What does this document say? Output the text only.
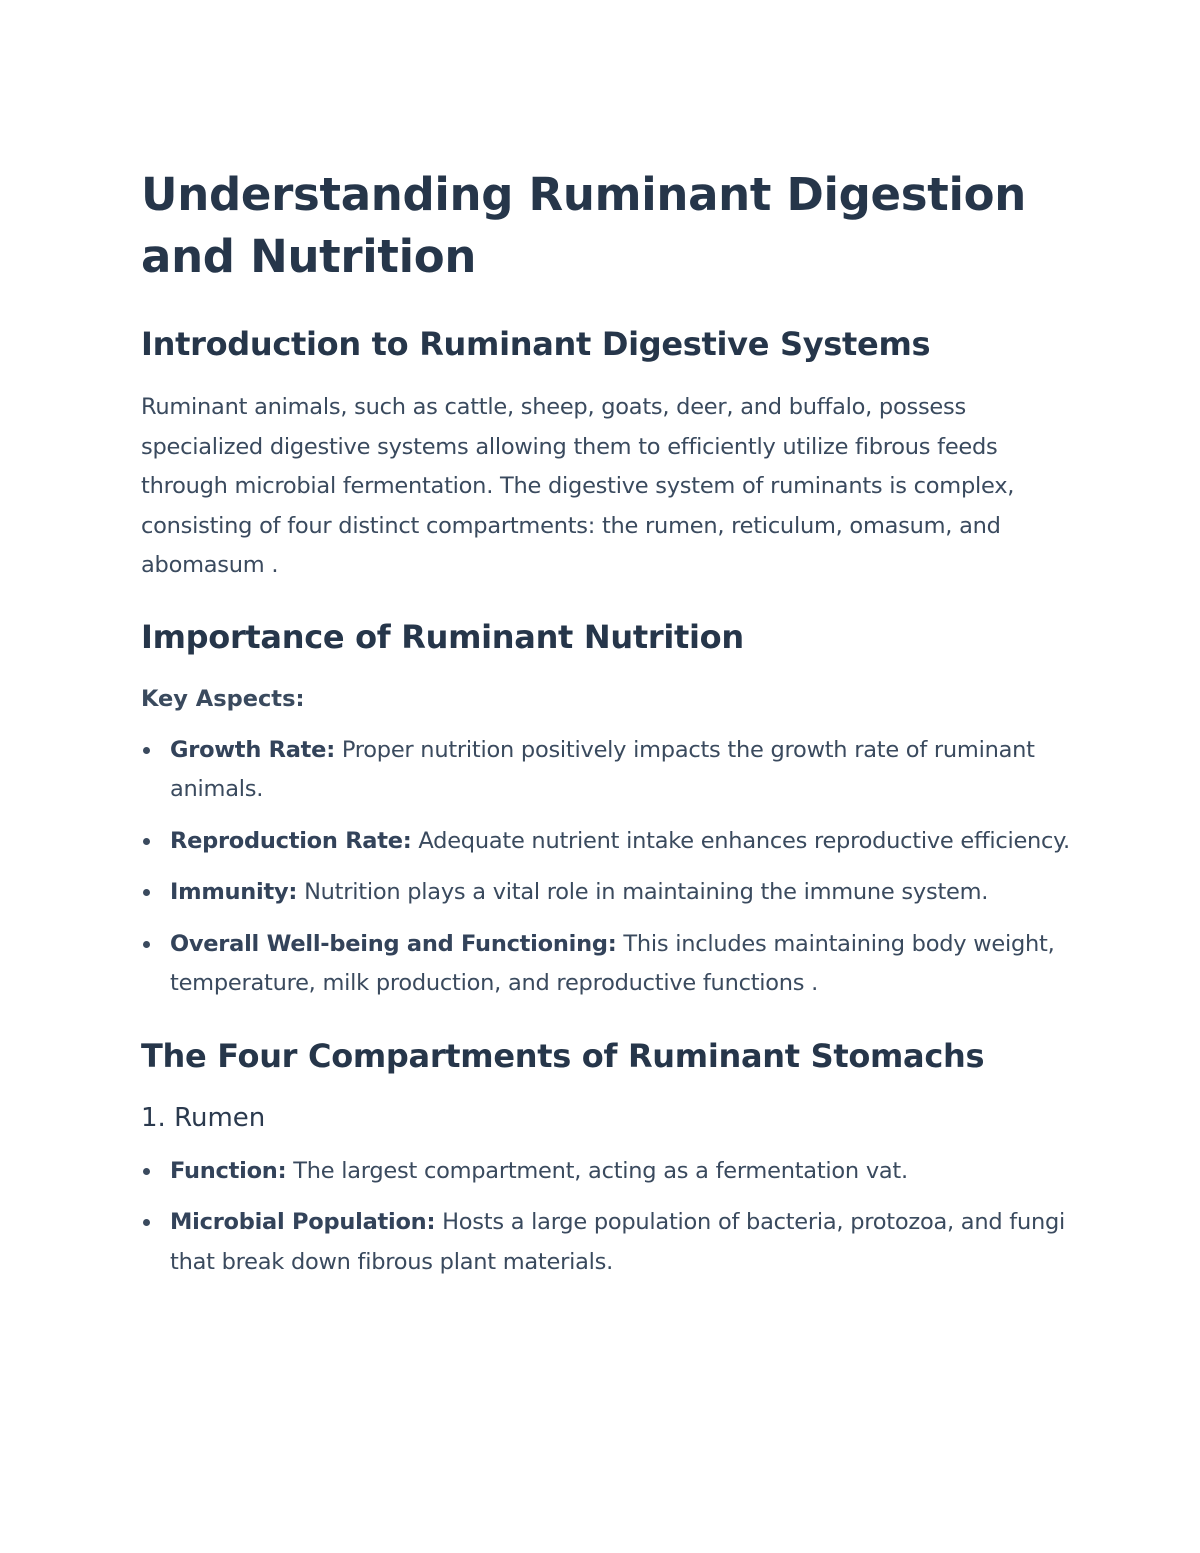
Understanding Ruminant Digestion and Nutrition
Introduction to Ruminant Digestive Systems

Ruminant animals, such as cattle, sheep, goats, deer, and buffalo, possess specialized digestive systems allowing them to efficiently utilize fibrous feeds through microbial fermentation. The digestive system of ruminants is complex, consisting of four distinct compartments: the rumen, reticulum, omasum, and abomasum .

Importance of Ruminant Nutrition
Key Aspects:
Growth Rate: Proper nutrition positively impacts the growth rate of ruminant animals.
Reproduction Rate: Adequate nutrient intake enhances reproductive efficiency.
Immunity: Nutrition plays a vital role in maintaining the immune system.
Overall Well-being and Functioning: This includes maintaining body weight, temperature, milk production, and reproductive functions .
The Four Compartments of Ruminant Stomachs
1. Rumen
Function: The largest compartment, acting as a fermentation vat.
Microbial Population: Hosts a large population of bacteria, protozoa, and fungi that break down fibrous plant materials.
